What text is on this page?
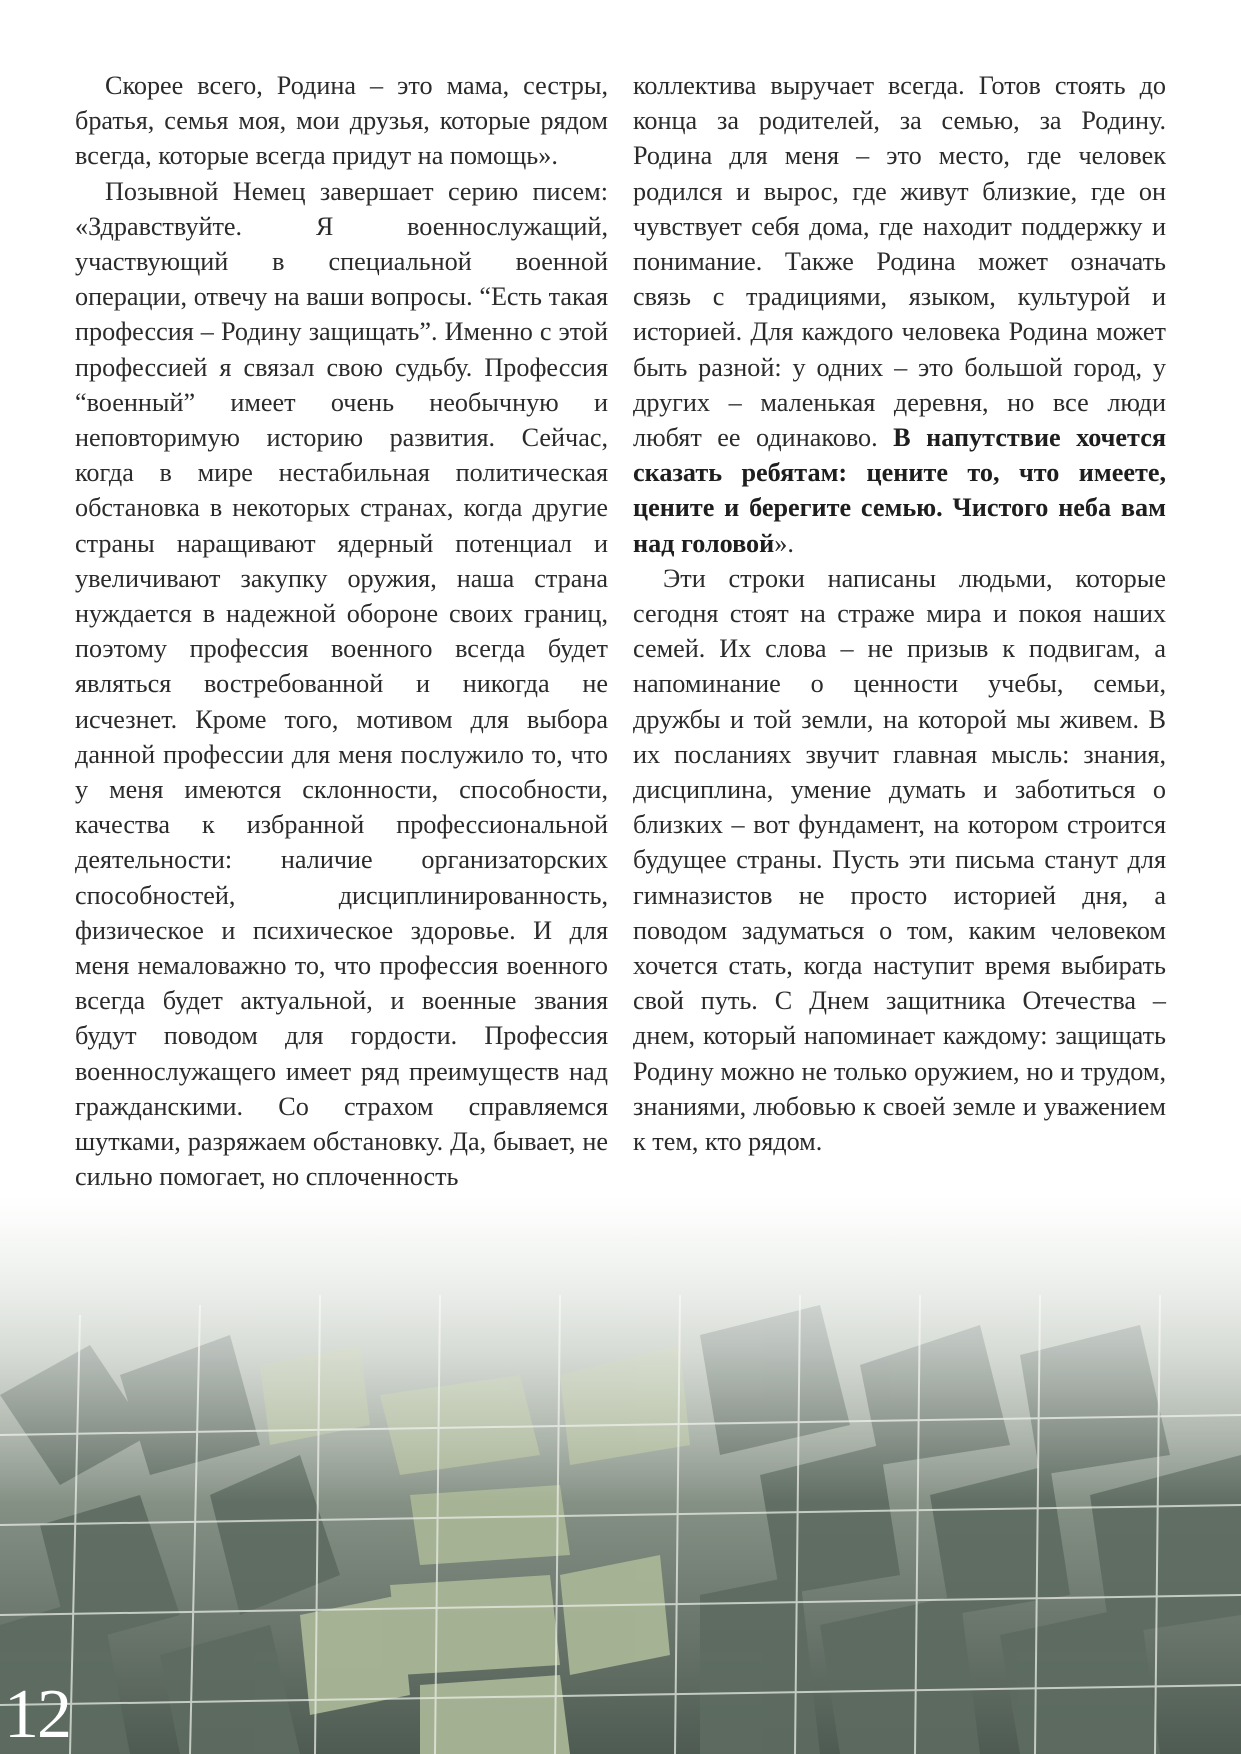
Скорее всего, Родина – это мама, сестры, братья, семья моя, мои друзья, которые рядом всегда, которые всегда придут на помощь».

Позывной Немец завершает серию писем: «Здравствуйте. Я военнослужащий, участвующий в специальной военной операции, отвечу на ваши вопросы. “Есть такая профессия – Родину защищать”. Именно с этой профессией я связал свою судьбу. Профессия “военный” имеет очень необычную и неповторимую историю развития. Сейчас, когда в мире нестабильная политическая обстановка в некоторых странах, когда другие страны наращивают ядерный потенциал и увеличивают закупку оружия, наша страна нуждается в надежной обороне своих границ, поэтому профессия военного всегда будет являться востребованной и никогда не исчезнет. Кроме того, мотивом для выбора данной профессии для меня послужило то, что у меня имеются склонности, способности, качества к избранной профессиональной деятельности: наличие организаторских способностей, дисциплинированность, физическое и психическое здоровье. И для меня немаловажно то, что профессия военного всегда будет актуальной, и военные звания будут поводом для гордости. Профессия военнослужащего имеет ряд преимуществ над гражданскими. Со страхом справляемся шутками, разряжаем обстановку. Да, бывает, не сильно помогает, но сплоченность

коллектива выручает всегда. Готов стоять до конца за родителей, за семью, за Родину. Родина для меня – это место, где человек родился и вырос, где живут близкие, где он чувствует себя дома, где находит поддержку и понимание. Также Родина может означать связь с традициями, языком, культурой и историей. Для каждого человека Родина может быть разной: у одних – это большой город, у других – маленькая деревня, но все люди любят ее одинаково. В напутствие хочется сказать ребятам: цените то, что имеете, цените и берегите семью. Чистого неба вам над головой».

Эти строки написаны людьми, которые сегодня стоят на страже мира и покоя наших семей. Их слова – не призыв к подвигам, а напоминание о ценности учебы, семьи, дружбы и той земли, на которой мы живем. В их посланиях звучит главная мысль: знания, дисциплина, умение думать и заботиться о близких – вот фундамент, на котором строится будущее страны. Пусть эти письма станут для гимназистов не просто историей дня, а поводом задуматься о том, каким человеком хочется стать, когда наступит время выбирать свой путь. С Днем защитника Отечества – днем, который напоминает каждому: защищать Родину можно не только оружием, но и трудом, знаниями, любовью к своей земле и уважением к тем, кто рядом.

12
